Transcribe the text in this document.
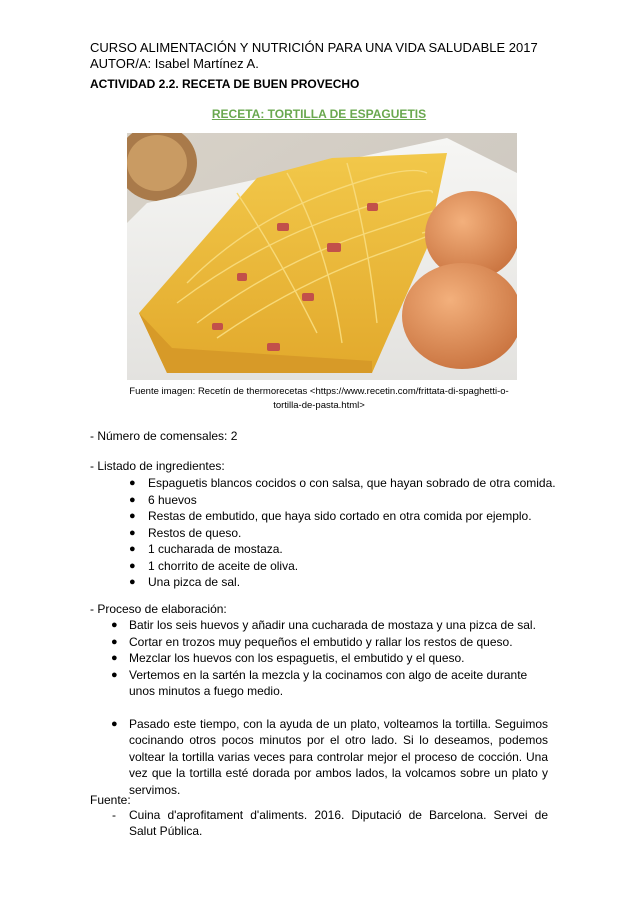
CURSO ALIMENTACIÓN Y NUTRICIÓN PARA UNA VIDA SALUDABLE 2017
AUTOR/A: Isabel Martínez A.
ACTIVIDAD 2.2. RECETA DE BUEN PROVECHO
RECETA: TORTILLA DE ESPAGUETIS
Fuente imagen: Recetín de thermorecetas <https://www.recetin.com/frittata-di-spaghetti-o-
tortilla-de-pasta.html>
- Número de comensales: 2
- Listado de ingredientes:
● Espaguetis blancos cocidos o con salsa, que hayan sobrado de otra comida.
● 6 huevos
● Restas de embutido, que haya sido cortado en otra comida por ejemplo.
● Restos de queso.
● 1 cucharada de mostaza.
● 1 chorrito de aceite de oliva.
● Una pizca de sal.
- Proceso de elaboración:
● Batir los seis huevos y añadir una cucharada de mostaza y una pizca de sal.
● Cortar en trozos muy pequeños el embutido y rallar los restos de queso.
● Mezclar los huevos con los espaguetis, el embutido y el queso.
● Vertemos en la sartén la mezcla y la cocinamos con algo de aceite durante unos minutos a fuego medio.
● Pasado este tiempo, con la ayuda de un plato, volteamos la tortilla. Seguimos cocinando otros pocos minutos por el otro lado. Si lo deseamos, podemos voltear la tortilla varias veces para controlar mejor el proceso de cocción. Una vez que la tortilla esté dorada por ambos lados, la volcamos sobre un plato y servimos.
Fuente:
-	Cuina d'aprofitament d'aliments. 2016. Diputació de Barcelona. Servei de Salut Pública.
